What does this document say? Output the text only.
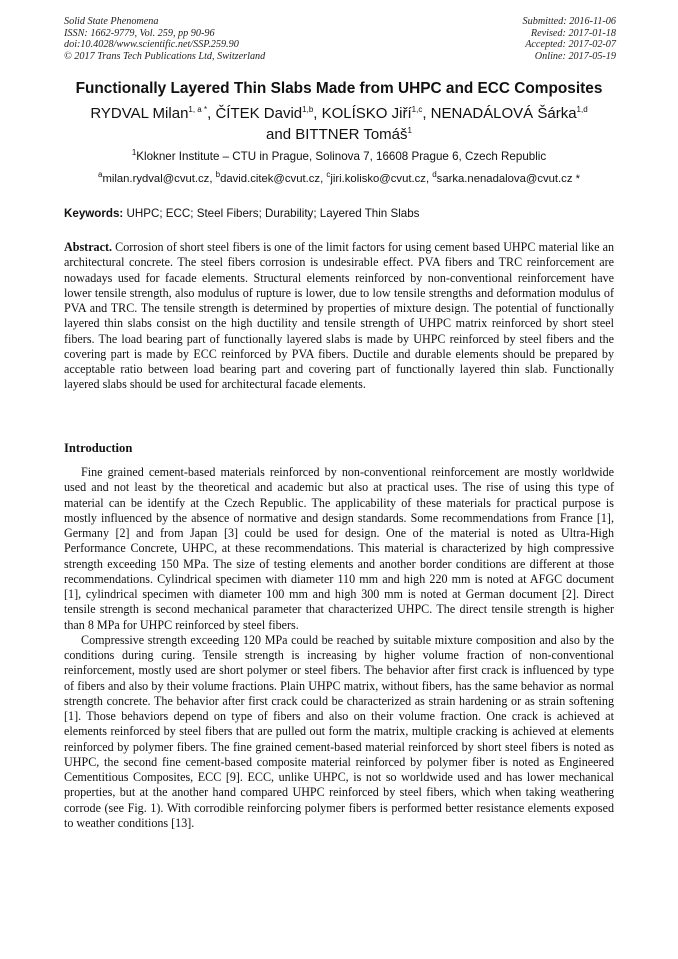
Solid State Phenomena
ISSN: 1662-9779, Vol. 259, pp 90-96
doi:10.4028/www.scientific.net/SSP.259.90
© 2017 Trans Tech Publications Ltd, Switzerland
Submitted: 2016-11-06
Revised: 2017-01-18
Accepted: 2017-02-07
Online: 2017-05-19
Functionally Layered Thin Slabs Made from UHPC and ECC Composites
RYDVAL Milan$^{1, a *}$, ČÍTEK David$^{1,b}$, KOLÍSKO Jiří$^{1,c}$, NENADÁLOVÁ Šárka$^{1,d}$
and BITTNER Tomáš$^1$
$^1$Klokner Institute – CTU in Prague, Solinova 7, 16608 Prague 6, Czech Republic
$^a$milan.rydval@cvut.cz, $^b$david.citek@cvut.cz, $^c$jiri.kolisko@cvut.cz, $^d$sarka.nenadalova@cvut.cz *
Keywords: UHPC; ECC; Steel Fibers; Durability; Layered Thin Slabs
Abstract. Corrosion of short steel fibers is one of the limit factors for using cement based UHPC material like an architectural concrete. The steel fibers corrosion is undesirable effect. PVA fibers and TRC reinforcement are nowadays used for facade elements. Structural elements reinforced by non-conventional reinforcement have lower tensile strength, also modulus of rupture is lower, due to low tensile strengths and deformation modulus of PVA and TRC. The tensile strength is determined by properties of mixture design. The potential of functionally layered thin slabs consist on the high ductility and tensile strength of UHPC matrix reinforced by short steel fibers. The load bearing part of functionally layered slabs is made by UHPC reinforced by steel fibers and the covering part is made by ECC reinforced by PVA fibers. Ductile and durable elements should be prepared by acceptable ratio between load bearing part and covering part of functionally layered thin slab. Functionally layered slabs should be used for architectural facade elements.
Introduction

Fine grained cement-based materials reinforced by non-conventional reinforcement are mostly worldwide used and not least by the theoretical and academic but also at practical uses. The rise of using this type of material can be identify at the Czech Republic. The applicability of these materials for practical purpose is mostly influenced by the absence of normative and design standards. Some recommendations from France [1], Germany [2] and from Japan [3] could be used for design. One of the material is noted as Ultra-High Performance Concrete, UHPC, at these recommendations. This material is characterized by high compressive strength exceeding 150 MPa. The size of testing elements and another border conditions are different at those recommendations. Cylindrical specimen with diameter 110 mm and high 220 mm is noted at AFGC document [1], cylindrical specimen with diameter 100 mm and high 300 mm is noted at German document [2]. Direct tensile strength is second mechanical parameter that characterized UHPC. The direct tensile strength is higher than 8 MPa for UHPC reinforced by steel fibers.

Compressive strength exceeding 120 MPa could be reached by suitable mixture composition and also by the conditions during curing. Tensile strength is increasing by higher volume fraction of non-conventional reinforcement, mostly used are short polymer or steel fibers. The behavior after first crack is influenced by type of fibers and also by their volume fractions. Plain UHPC matrix, without fibers, has the same behavior as normal strength concrete. The behavior after first crack could be characterized as strain hardening or as strain softening [1]. Those behaviors depend on type of fibers and also on their volume fraction. One crack is achieved at elements reinforced by steel fibers that are pulled out form the matrix, multiple cracking is achieved at elements reinforced by polymer fibers. The fine grained cement-based material reinforced by short steel fibers is noted as UHPC, the second fine cement-based composite material reinforced by polymer fiber is noted as Engineered Cementitious Composites, ECC [9]. ECC, unlike UHPC, is not so worldwide used and has lower mechanical properties, but at the another hand compared UHPC reinforced by steel fibers, which when taking weathering corrode (see Fig. 1). With corrodible reinforcing polymer fibers is performed better resistance elements exposed to weather conditions [13].
